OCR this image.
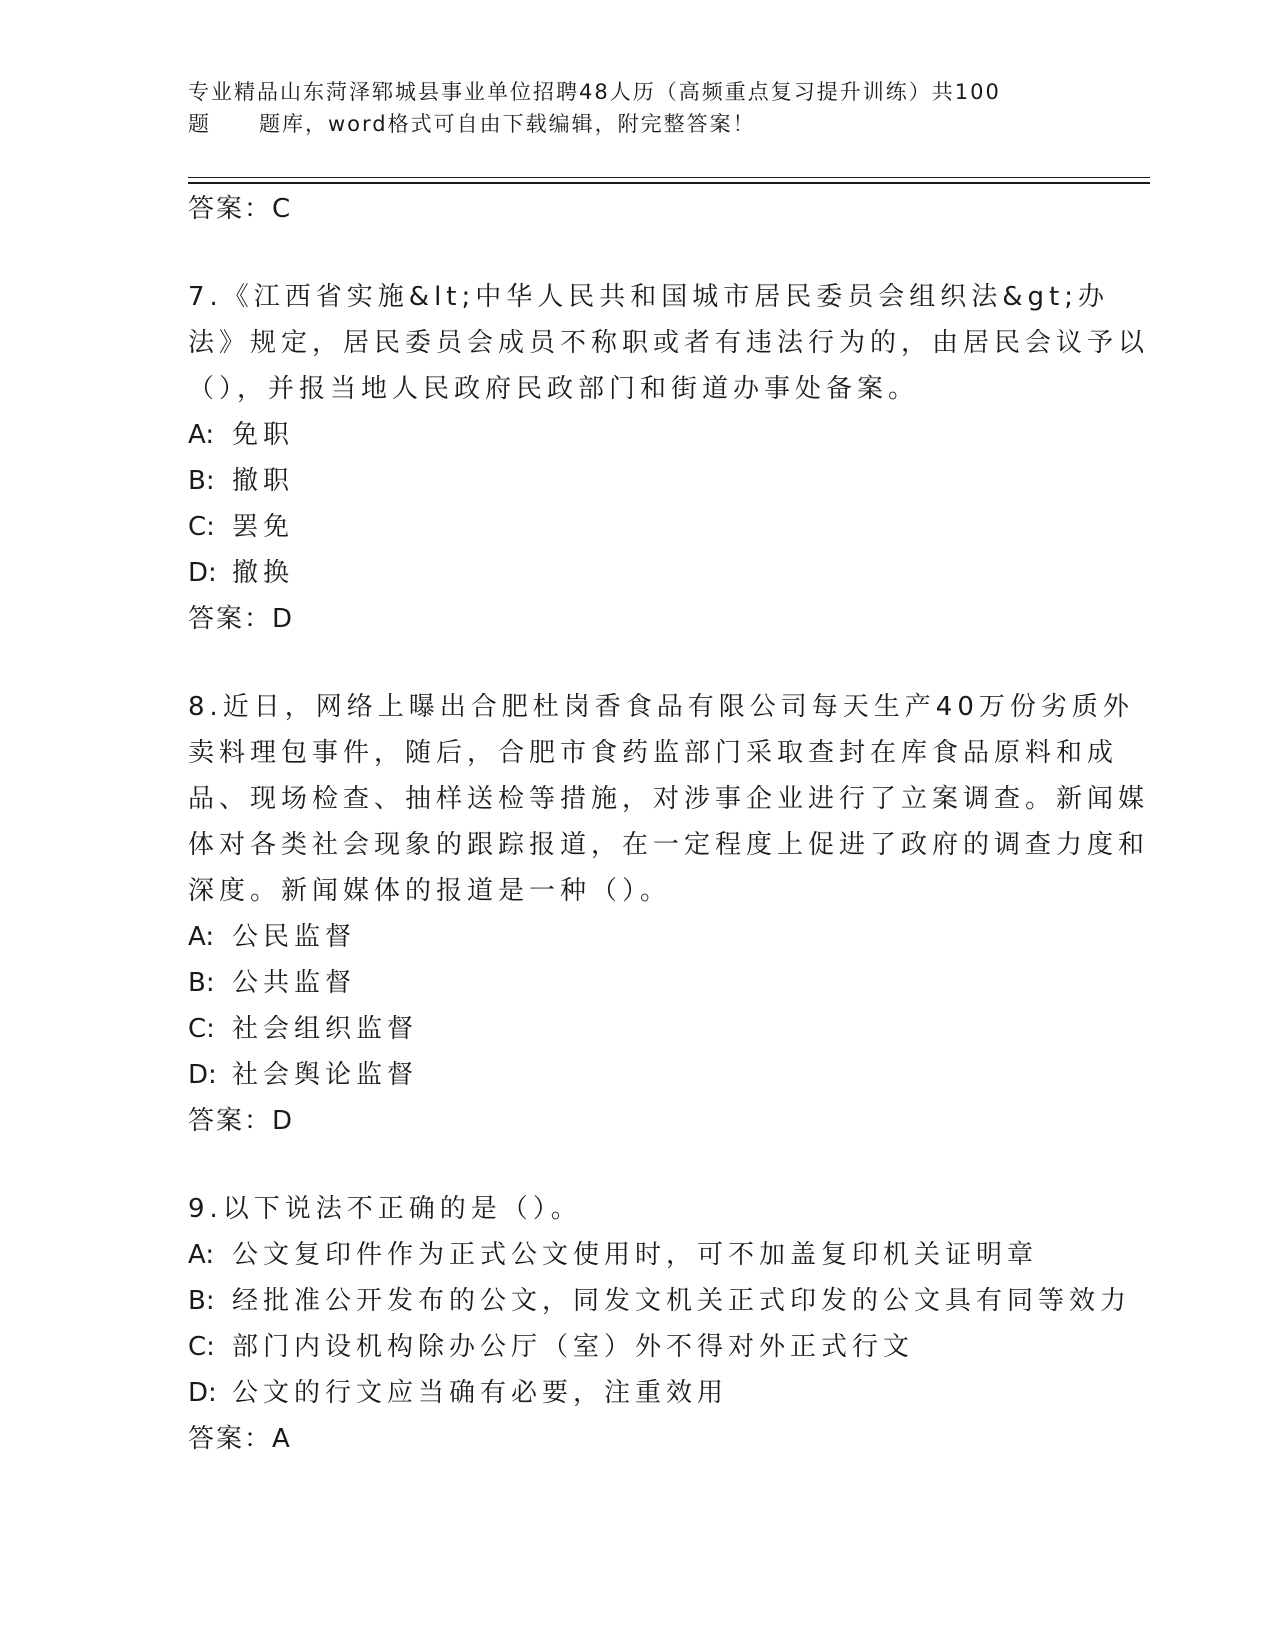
专业精品山东菏泽郓城县事业单位招聘48人历（高频重点复习提升训练）共100
题 题库，word格式可自由下载编辑，附完整答案！

答案：C

7.《江西省实施&lt;中华人民共和国城市居民委员会组织法&gt;办法》规定，居民委员会成员不称职或者有违法行为的，由居民会议予以（），并报当地人民政府民政部门和街道办事处备案。

A: 免职

B: 撤职

C: 罢免

D: 撤换

答案：D

8.近日，网络上曝出合肥杜岗香食品有限公司每天生产40万份劣质外卖料理包事件，随后，合肥市食药监部门采取查封在库食品原料和成品、现场检查、抽样送检等措施，对涉事企业进行了立案调查。新闻媒体对各类社会现象的跟踪报道，在一定程度上促进了政府的调查力度和深度。新闻媒体的报道是一种（）。

A: 公民监督

B: 公共监督

C: 社会组织监督

D: 社会舆论监督

答案：D

9.以下说法不正确的是（）。

A: 公文复印件作为正式公文使用时，可不加盖复印机关证明章

B: 经批准公开发布的公文，同发文机关正式印发的公文具有同等效力

C: 部门内设机构除办公厅（室）外不得对外正式行文

D: 公文的行文应当确有必要，注重效用

答案：A
